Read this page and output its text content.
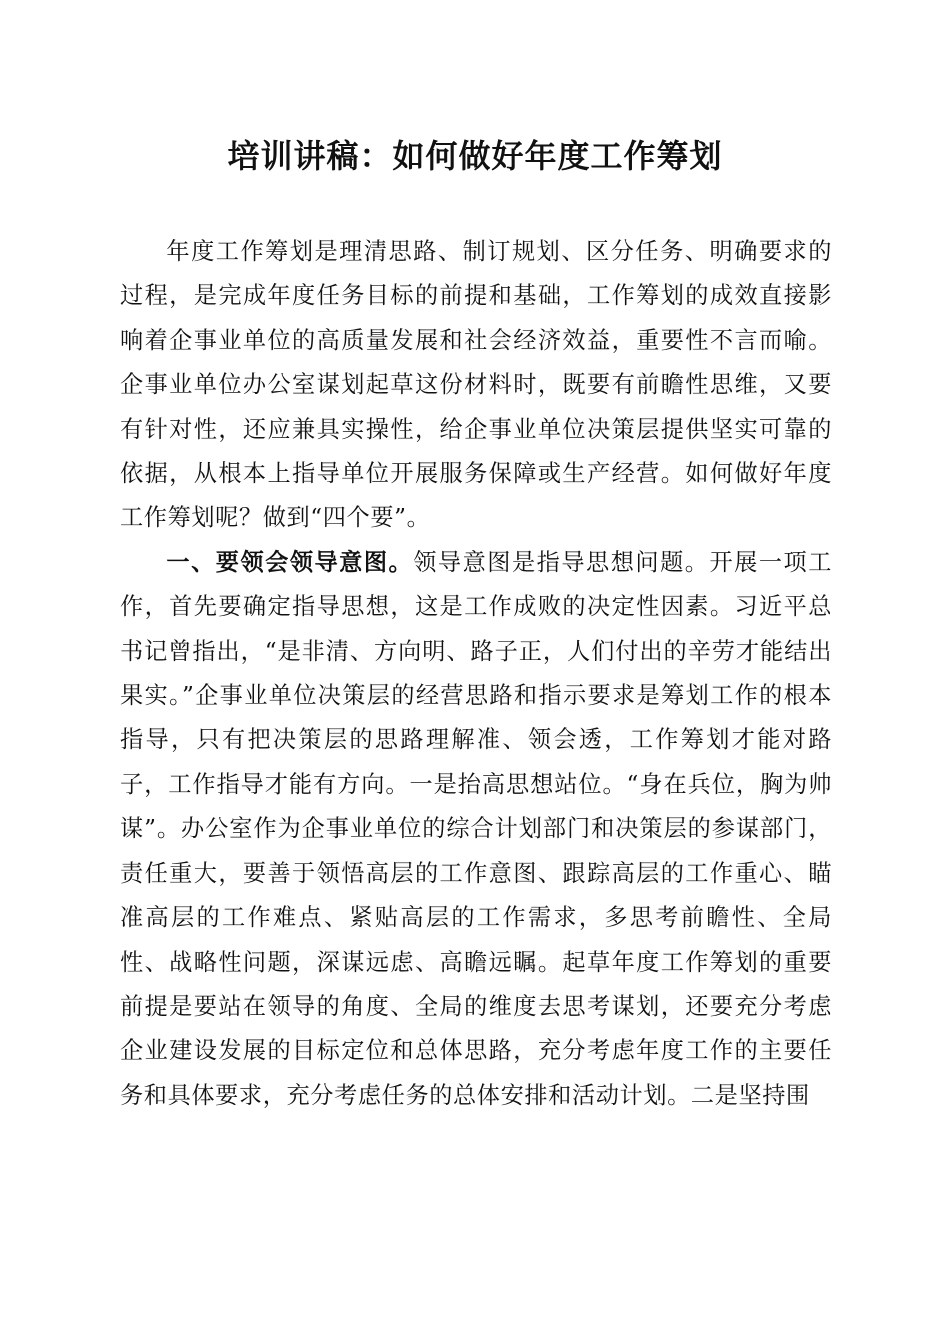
培训讲稿：如何做好年度工作筹划

年度工作筹划是理清思路、制订规划、区分任务、明确要求的过程，是完成年度任务目标的前提和基础，工作筹划的成效直接影响着企事业单位的高质量发展和社会经济效益，重要性不言而喻。企事业单位办公室谋划起草这份材料时，既要有前瞻性思维，又要有针对性，还应兼具实操性，给企事业单位决策层提供坚实可靠的依据，从根本上指导单位开展服务保障或生产经营。如何做好年度工作筹划呢？做到“四个要”。

一、要领会领导意图。领导意图是指导思想问题。开展一项工作，首先要确定指导思想，这是工作成败的决定性因素。习近平总书记曾指出，“是非清、方向明、路子正，人们付出的辛劳才能结出果实。”企事业单位决策层的经营思路和指示要求是筹划工作的根本指导，只有把决策层的思路理解准、领会透，工作筹划才能对路子，工作指导才能有方向。一是抬高思想站位。“身在兵位，胸为帅谋”。办公室作为企事业单位的综合计划部门和决策层的参谋部门，责任重大，要善于领悟高层的工作意图、跟踪高层的工作重心、瞄准高层的工作难点、紧贴高层的工作需求，多思考前瞻性、全局性、战略性问题，深谋远虑、高瞻远瞩。起草年度工作筹划的重要前提是要站在领导的角度、全局的维度去思考谋划，还要充分考虑企业建设发展的目标定位和总体思路，充分考虑年度工作的主要任务和具体要求，充分考虑任务的总体安排和活动计划。二是坚持围
